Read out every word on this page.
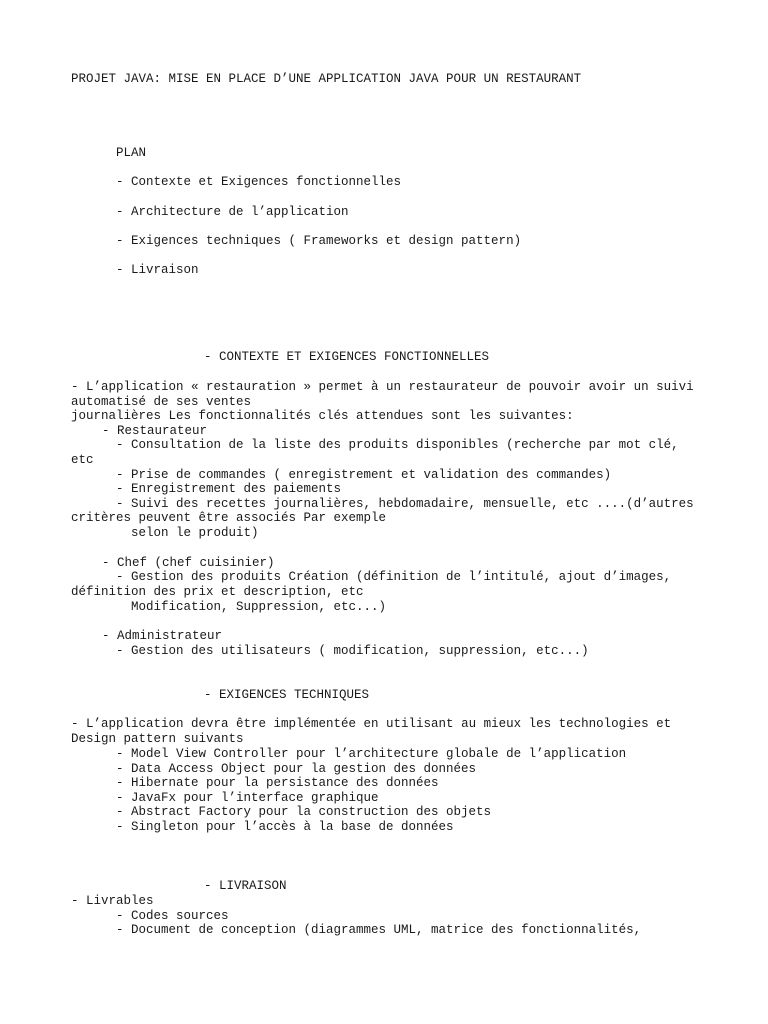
PROJET JAVA: MISE EN PLACE D’UNE APPLICATION JAVA POUR UN RESTAURANT
PLAN
- Contexte et Exigences fonctionnelles
- Architecture de l’application
- Exigences techniques ( Frameworks et design pattern)
- Livraison
- CONTEXTE ET EXIGENCES FONCTIONNELLES
- L’application « restauration » permet à un restaurateur de pouvoir avoir un suivi
automatisé de ses ventes
journalières Les fonctionnalités clés attendues sont les suivantes:
- Restaurateur
- Consultation de la liste des produits disponibles (recherche par mot clé,
etc
- Prise de commandes ( enregistrement et validation des commandes)
- Enregistrement des paiements
- Suivi des recettes journalières, hebdomadaire, mensuelle, etc ....(d’autres
critères peuvent être associés Par exemple
selon le produit)
- Chef (chef cuisinier)
- Gestion des produits Création (définition de l’intitulé, ajout d’images,
définition des prix et description, etc
Modification, Suppression, etc...)
- Administrateur
- Gestion des utilisateurs ( modification, suppression, etc...)
- EXIGENCES TECHNIQUES
- L’application devra être implémentée en utilisant au mieux les technologies et
Design pattern suivants
- Model View Controller pour l’architecture globale de l’application
- Data Access Object pour la gestion des données
- Hibernate pour la persistance des données
- JavaFx pour l’interface graphique
- Abstract Factory pour la construction des objets
- Singleton pour l’accès à la base de données
- LIVRAISON
- Livrables
- Codes sources
- Document de conception (diagrammes UML, matrice des fonctionnalités,
